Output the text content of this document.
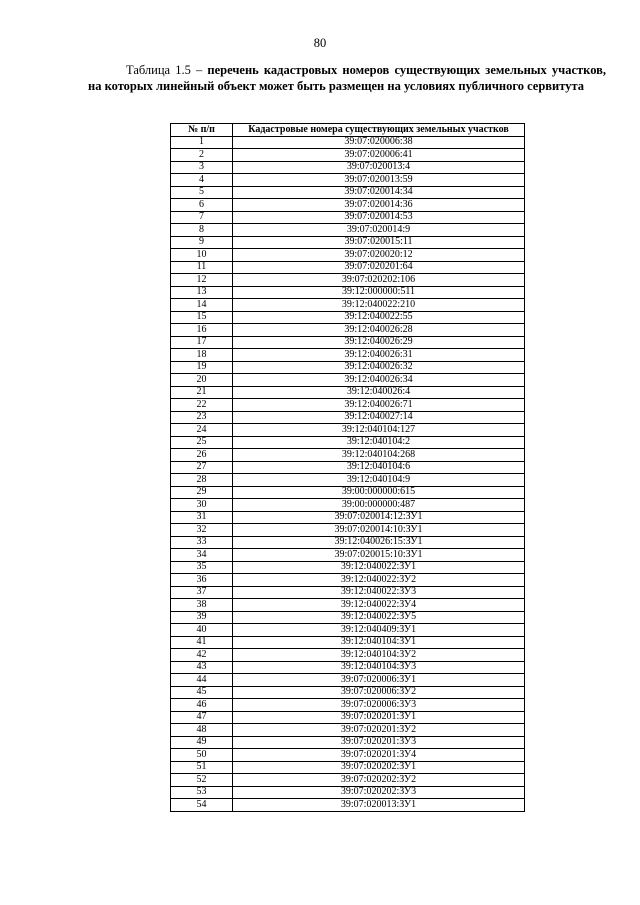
80
Таблица 1.5 – перечень кадастровых номеров существующих земельных участков, на которых линейный объект может быть размещен на условиях публичного сервитута
№ п/п	Кадастровые номера существующих земельных участков
1	39:07:020006:38
2	39:07:020006:41
3	39:07:020013:4
4	39:07:020013:59
5	39:07:020014:34
6	39:07:020014:36
7	39:07:020014:53
8	39:07:020014:9
9	39:07:020015:11
10	39:07:020020:12
11	39:07:020201:64
12	39:07:020202:106
13	39:12:000000:511
14	39:12:040022:210
15	39:12:040022:55
16	39:12:040026:28
17	39:12:040026:29
18	39:12:040026:31
19	39:12:040026:32
20	39:12:040026:34
21	39:12:040026:4
22	39:12:040026:71
23	39:12:040027:14
24	39:12:040104:127
25	39:12:040104:2
26	39:12:040104:268
27	39:12:040104:6
28	39:12:040104:9
29	39:00:000000:615
30	39:00:000000:487
31	39:07:020014:12:ЗУ1
32	39:07:020014:10:ЗУ1
33	39:12:040026:15:ЗУ1
34	39:07:020015:10:ЗУ1
35	39:12:040022:ЗУ1
36	39:12:040022:ЗУ2
37	39:12:040022:ЗУ3
38	39:12:040022:ЗУ4
39	39:12:040022:ЗУ5
40	39:12:040409:ЗУ1
41	39:12:040104:ЗУ1
42	39:12:040104:ЗУ2
43	39:12:040104:ЗУ3
44	39:07:020006:ЗУ1
45	39:07:020006:ЗУ2
46	39:07:020006:ЗУ3
47	39:07:020201:ЗУ1
48	39:07:020201:ЗУ2
49	39:07:020201:ЗУ3
50	39:07:020201:ЗУ4
51	39:07:020202:ЗУ1
52	39:07:020202:ЗУ2
53	39:07:020202:ЗУ3
54	39:07:020013:ЗУ1
